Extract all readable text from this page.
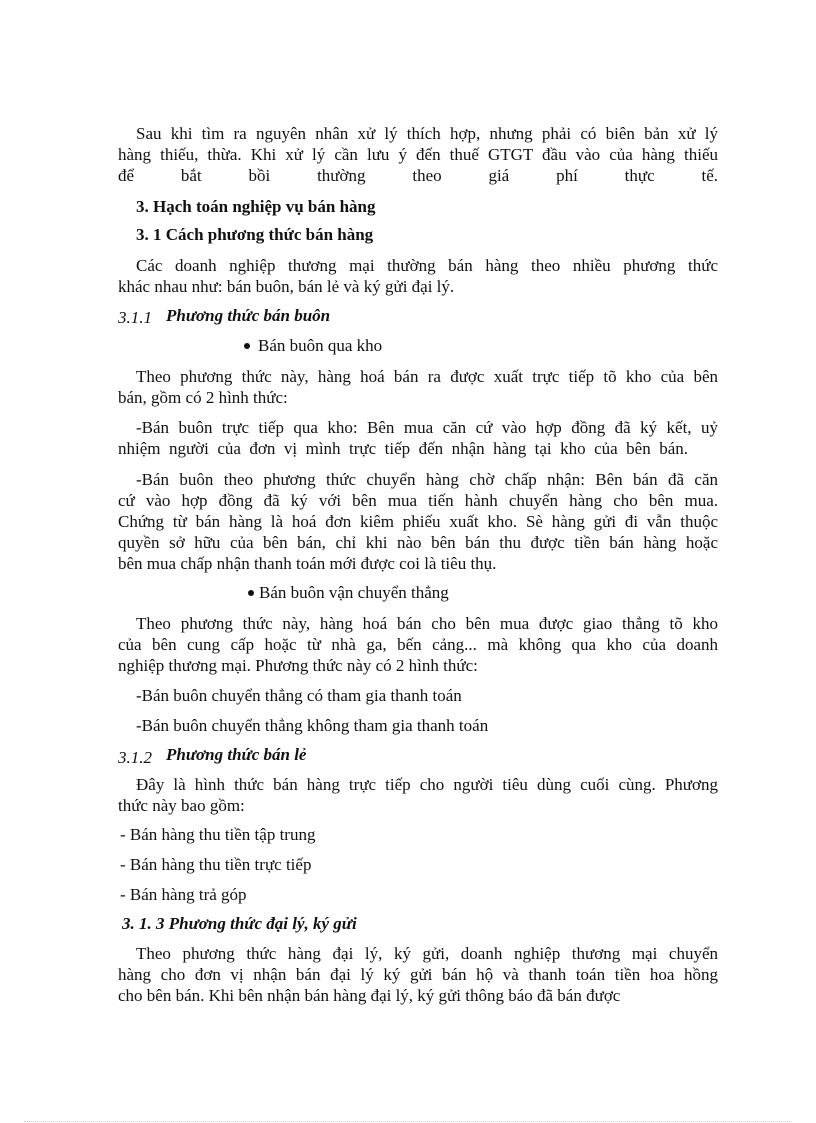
Sau khi tìm ra nguyên nhân xử lý thích hợp, nhưng phải có biên bản xử lý

hàng thiếu, thừa. Khi xử lý cần lưu ý đến thuế GTGT đầu vào của hàng thiếu

để bắt bồi thường theo giá phí thực tế.

3. Hạch toán nghiệp vụ bán hàng

3. 1 Cách phương thức bán hàng

Các doanh nghiệp thương mại thường bán hàng theo nhiều phương thức

khác nhau như: bán buôn, bán lẻ và ký gửi đại lý.

3.1.1 Phương thức bán buôn

Bán buôn qua kho

Theo phương thức này, hàng hoá bán ra được xuất trực tiếp tõ kho của bên

bán, gồm có 2 hình thức:

-Bán buôn trực tiếp qua kho: Bên mua căn cứ vào hợp đồng đã ký kết, uỷ

nhiệm người của đơn vị mình trực tiếp đến nhận hàng tại kho của bên bán.

-Bán buôn theo phương thức chuyển hàng chờ chấp nhận: Bên bán đã căn

cứ vào hợp đồng đã ký với bên mua tiến hành chuyển hàng cho bên mua.

Chứng từ bán hàng là hoá đơn kiêm phiếu xuất kho. Sè hàng gửi đi vẫn thuộc

quyền sở hữu của bên bán, chỉ khi nào bên bán thu được tiền bán hàng hoặc

bên mua chấp nhận thanh toán mới được coi là tiêu thụ.

Bán buôn vận chuyển thẳng

Theo phương thức này, hàng hoá bán cho bên mua được giao thẳng tõ kho

của bên cung cấp hoặc từ nhà ga, bến cảng... mà không qua kho của doanh

nghiệp thương mại. Phương thức này có 2 hình thức:

-Bán buôn chuyển thẳng có tham gia thanh toán

-Bán buôn chuyển thẳng không tham gia thanh toán

3.1.2 Phương thức bán lẻ

Đây là hình thức bán hàng trực tiếp cho người tiêu dùng cuối cùng. Phương

thức này bao gồm:

- Bán hàng thu tiền tập trung

- Bán hàng thu tiền trực tiếp

- Bán hàng trả góp

3. 1. 3 Phương thức đại lý, ký gửi

Theo phương thức hàng đại lý, ký gửi, doanh nghiệp thương mại chuyển

hàng cho đơn vị nhận bán đại lý ký gửi bán hộ và thanh toán tiền hoa hồng

cho bên bán. Khi bên nhận bán hàng đại lý, ký gửi thông báo đã bán được
